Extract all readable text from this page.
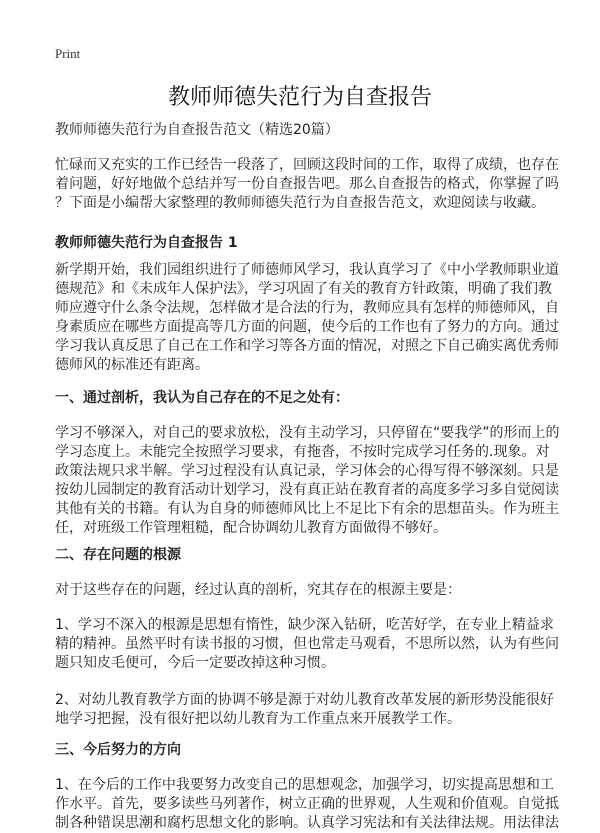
Print
教师师德失范行为自查报告
教师师德失范行为自查报告范文（精选20篇）
忙碌而又充实的工作已经告一段落了，回顾这段时间的工作，取得了成绩，也存在
着问题，好好地做个总结并写一份自查报告吧。那么自查报告的格式，你掌握了吗
？下面是小编帮大家整理的教师师德失范行为自查报告范文，欢迎阅读与收藏。
教师师德失范行为自查报告 1
新学期开始，我们园组织进行了师德师风学习，我认真学习了《中小学教师职业道
德规范》和《未成年人保护法》，学习巩固了有关的教育方针政策，明确了我们教
师应遵守什么条令法规，怎样做才是合法的行为，教师应具有怎样的师德师风，自
身素质应在哪些方面提高等几方面的问题，使今后的工作也有了努力的方向。通过
学习我认真反思了自己在工作和学习等各方面的情况，对照之下自己确实离优秀师
德师风的标准还有距离。
一、通过剖析，我认为自己存在的不足之处有：
学习不够深入，对自己的要求放松，没有主动学习，只停留在“要我学”的形而上的
学习态度上。未能完全按照学习要求，有拖沓，不按时完成学习任务的.现象。对
政策法规只求半解。学习过程没有认真记录，学习体会的心得写得不够深刻。只是
按幼儿园制定的教育活动计划学习，没有真正站在教育者的高度多学习多自觉阅读
其他有关的书籍。有认为自身的师德师风比上不足比下有余的思想苗头。作为班主
任，对班级工作管理粗糙，配合协调幼儿教育方面做得不够好。
二、存在问题的根源
对于这些存在的问题，经过认真的剖析，究其存在的根源主要是：
1、学习不深入的根源是思想有惰性，缺少深入钻研，吃苦好学，在专业上精益求
精的精神。虽然平时有读书报的习惯，但也常走马观看，不思所以然，认为有些问
题只知皮毛便可，今后一定要改掉这种习惯。
2、对幼儿教育教学方面的协调不够是源于对幼儿教育改革发展的新形势没能很好
地学习把握，没有很好把以幼儿教育为工作重点来开展教学工作。
三、今后努力的方向
1、在今后的工作中我要努力改变自己的思想观念，加强学习，切实提高思想和工
作水平。首先，要多读些马列著作，树立正确的世界观，人生观和价值观。自觉抵
制各种错误思潮和腐朽思想文化的影响。认真学习宪法和有关法律法规。用法律法
